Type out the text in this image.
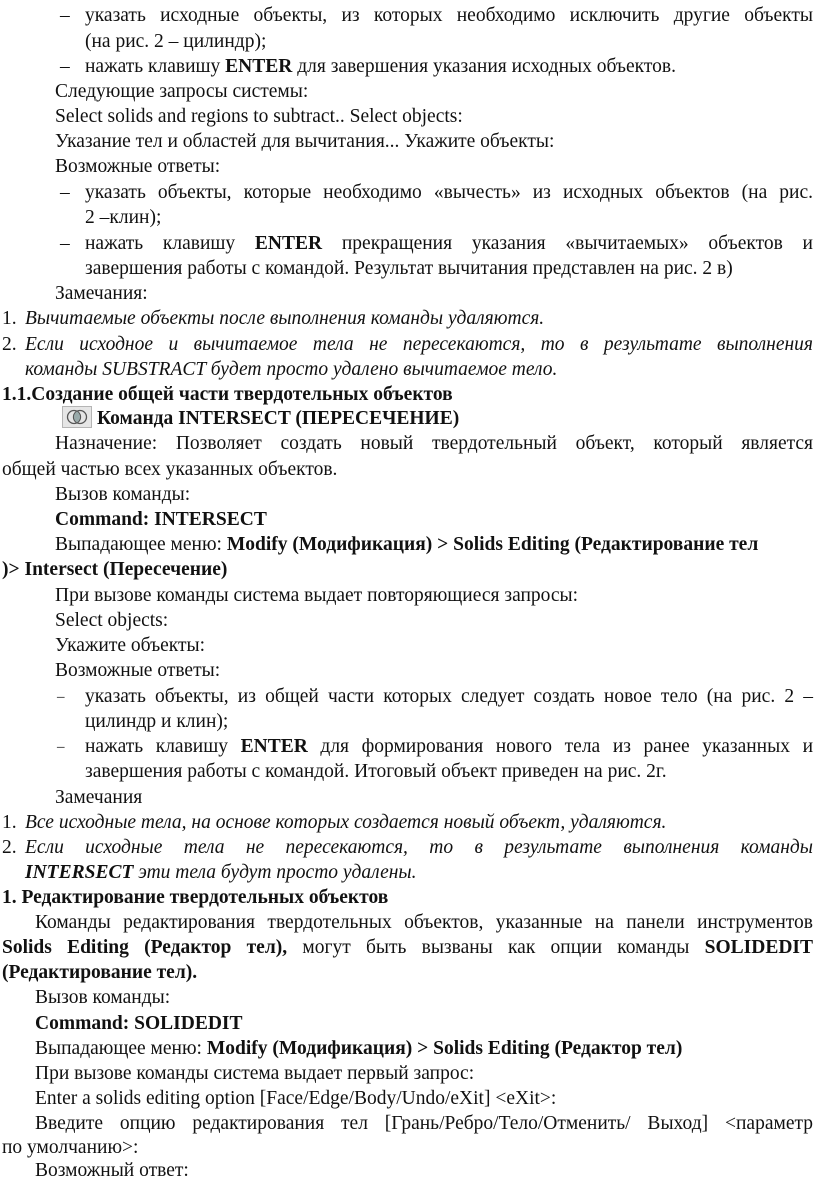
– указать исходные объекты, из которых необходимо исключить другие объекты
(на рис. 2 – цилиндр);
– нажать клавишу ENTER для завершения указания исходных объектов.
Следующие запросы системы:
Select solids and regions to subtract.. Select objects:
Указание тел и областей для вычитания... Укажите объекты:
Возможные ответы:
– указать объекты, которые необходимо «вычесть» из исходных объектов (на рис.
2 –клин);
– нажать клавишу ENTER прекращения указания «вычитаемых» объектов и
завершения работы с командой. Результат вычитания представлен на рис. 2 в)
Замечания:
1. Вычитаемые объекты после выполнения команды удаляются.
2. Если исходное и вычитаемое тела не пересекаются, то в результате выполнения
команды SUBSTRACT будет просто удалено вычитаемое тело.
1.1.Создание общей части твердотельных объектов
Команда INTERSECT (ПЕРЕСЕЧЕНИЕ)
Назначение: Позволяет создать новый твердотельный объект, который является
общей частью всех указанных объектов.
Вызов команды:
Command: INTERSECT
Выпадающее меню: Modify (Модификация) > Solids Editing (Редактирование тел
)> Intersect (Пересечение)
При вызове команды система выдает повторяющиеся запросы:
Select objects:
Укажите объекты:
Возможные ответы:
– указать объекты, из общей части которых следует создать новое тело (на рис. 2 –
цилиндр и клин);
– нажать клавишу ENTER для формирования нового тела из ранее указанных и
завершения работы с командой. Итоговый объект приведен на рис. 2г.
Замечания
1. Все исходные тела, на основе которых создается новый объект, удаляются.
2. Если исходные тела не пересекаются, то в результате выполнения команды
INTERSECT эти тела будут просто удалены.
1. Редактирование твердотельных объектов
Команды редактирования твердотельных объектов, указанные на панели инструментов
Solids Editing (Редактор тел), могут быть вызваны как опции команды SOLIDEDIT
(Редактирование тел).
Вызов команды:
Command: SOLIDEDIT
Выпадающее меню: Modify (Модификация) > Solids Editing (Редактор тел)
При вызове команды система выдает первый запрос:
Enter a solids editing option [Face/Edge/Body/Undo/eXit] <eXit>:
Введите опцию редактирования тел [Грань/Ребро/Тело/Отменить/ Выход] <параметр
по умолчанию>:
Возможный ответ:
